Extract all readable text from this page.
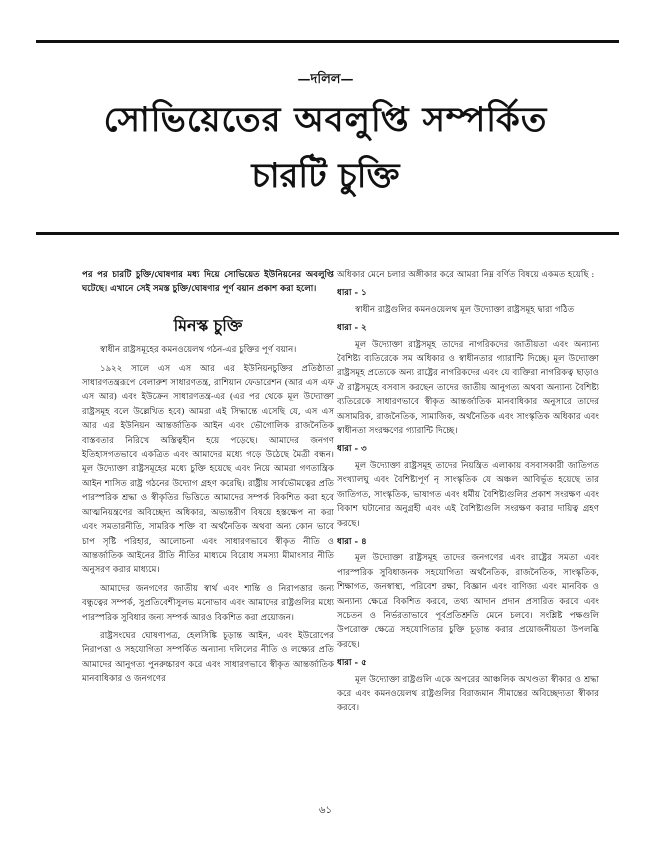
—দলিল—
সোভিয়েতের অবলুপ্তি সম্পর্কিত
চারটি চুক্তি

পর পর চারটি চুক্তি/ঘোষণার মধ্য দিয়ে সোভিয়েত ইউনিয়নের অবলুপ্তি ঘটেছে। এখানে সেই সমস্ত চুক্তি/ঘোষণার পূর্ণ বয়ান প্রকাশ করা হলো।

মিনস্ক চুক্তি

স্বাধীন রাষ্ট্রসমূহের কমনওয়েলথ গঠন-এর চুক্তির পূর্ণ বয়ান।

১৯২২ সালে এস এস আর এর ইউনিয়নচুক্তির প্রতিষ্ঠাতা সাধারণতন্ত্ররূপে বেলারুশ সাধারণতন্ত্র, রাশিয়ান ফেডারেশন (আর এস এফ এস আর) এবং ইউক্রেন সাধারণতন্ত্র-এর (এর পর থেকে মূল উদ্যোক্তা রাষ্ট্রসমূহ বলে উল্লেখিত হবে) আমরা এই সিদ্ধান্তে এসেছি যে, এস এস আর এর ইউনিয়ন আন্তর্জাতিক আইন এবং ভৌগোলিক রাজনৈতিক বাস্তবতার নিরিখে অস্তিত্বহীন হয়ে পড়েছে। আমাদের জনগণ ইতিহাসগতভাবে একত্রিত এবং আমাদের মধ্যে গড়ে উঠেছে মৈত্রী বন্ধন। মূল উদ্যোক্তা রাষ্ট্রসমূহের মধ্যে চুক্তি হয়েছে এবং নিয়ে আমরা গণতান্ত্রিক আইন শাসিত রাষ্ট্র গঠনের উদ্যোগ গ্রহণ করেছি। রাষ্ট্রীয় সার্বভৌমত্বের প্রতি পারস্পরিক শ্রদ্ধা ও স্বীকৃতির ভিত্তিতে আমাদের সম্পর্ক বিকশিত করা হবে আত্মনিয়ন্ত্রণের অবিচ্ছেদ্য অধিকার, অভ্যন্তরীণ বিষয়ে হস্তক্ষেপ না করা এবং সমতারনীতি, সামরিক শক্তি বা অর্থনৈতিক অথবা অন্য কোন ভাবে চাপ সৃষ্টি পরিহার, আলোচনা এবং সাধারণভাবে স্বীকৃত নীতি ও আন্তর্জাতিক আইনের রীতি নীতির মাধ্যমে বিরোধ সমস্যা মীমাংসার নীতি অনুসরণ করার মাধ্যমে।

আমাদের জনগণের জাতীয় স্বার্থ এবং শান্তি ও নিরাপত্তার জন্য বন্ধুত্বের সম্পর্ক, সুপ্রতিবেশীসুলভ মনোভাব এবং আমাদের রাষ্ট্রগুলির মধ্যে পারস্পরিক সুবিধার জন্য সম্পর্ক আরও বিকশিত করা প্রয়োজন।

রাষ্ট্রসংঘের ঘোষণাপত্র, হেলসিঙ্কি চূড়ান্ত আইন, এবং ইউরোপের নিরাপত্তা ও সহযোগিতা সম্পর্কিত অন্যান্য দলিলের নীতি ও লক্ষ্যের প্রতি আমাদের আনুগত্য পুনরুচ্চারণ করে এবং সাধারণভাবে স্বীকৃত আন্তর্জাতিক মানবাধিকার ও জনগণের

অধিকার মেনে চলার অঙ্গীকার করে আমরা নিম্ন বর্ণিত বিষয়ে একমত হয়েছি :

ধারা - ১

স্বাধীন রাষ্ট্রগুলির কমনওয়েলথ মূল উদ্যোক্তা রাষ্ট্রসমূহ দ্বারা গঠিত

ধারা - ২

মূল উদ্যোক্তা রাষ্ট্রসমূহ তাদের নাগরিকদের জাতীয়তা এবং অন্যান্য বৈশিষ্ট্য ব্যতিরেকে সম অধিকার ও স্বাধীনতার গ্যারান্টি দিচ্ছে। মূল উদ্যোক্তা রাষ্ট্রসমূহ প্রত্যেকে অন্য রাষ্ট্রের নাগরিকদের এবং যে ব্যক্তিরা নাগরিকত্ব ছাড়াও ঐ রাষ্ট্রসমূহে বসবাস করছেন তাদের জাতীয় আনুগত্য অথবা অন্যান্য বৈশিষ্ট্য ব্যতিরেকে সাধারণভাবে স্বীকৃত আন্তর্জাতিক মানবাধিকার অনুসারে তাদের অসামরিক, রাজনৈতিক, সামাজিক, অর্থনৈতিক এবং সাংস্কৃতিক অধিকার এবং স্বাধীনতা সংরক্ষণের গ্যারান্টি দিচ্ছে।

ধারা - ৩

মূল উদ্যোক্তা রাষ্ট্রসমূহ তাদের নিয়ন্ত্রিত এলাকায় বসবাসকারী জাতিগত সংখ্যালঘু এবং বৈশিষ্ট্যপূর্ণ নৃ সাংস্কৃতিক যে অঞ্চল আবির্ভূত হয়েছে তার জাতিগত, সাংস্কৃতিক, ভাষাগত এবং ধর্মীয় বৈশিষ্ট্যগুলির প্রকাশ সংরক্ষণ এবং বিকাশ ঘটানোর অনুগ্রহী এবং এই বৈশিষ্ট্যগুলি সংরক্ষণ করার দায়িত্ব গ্রহণ করছে।

ধারা - ৪

মূল উদ্যোক্তা রাষ্ট্রসমূহ তাদের জনগণের এবং রাষ্ট্রের সমতা এবং পারস্পরিক সুবিধাজনক সহযোগিতা অর্থনৈতিক, রাজনৈতিক, সাংস্কৃতিক, শিক্ষাগত, জনস্বাস্থ্য, পরিবেশ রক্ষা, বিজ্ঞান এবং বাণিজ্য এবং মানবিক ও অন্যান্য ক্ষেত্রে বিকশিত করবে, তথ্য আদান প্রদান প্রসারিত করবে এবং সচেতন ও নির্ভরতাভাবে পূর্বপ্রতিশ্রুতি মেনে চলবে। সংশ্লিষ্ট পক্ষগুলি উপরোক্ত ক্ষেত্রে সহযোগিতার চুক্তি চূড়ান্ত করার প্রয়োজনীয়তা উপলব্ধি করছে।

ধারা - ৫

মূল উদ্যোক্তা রাষ্ট্রগুলি একে অপরের আঞ্চলিক অখণ্ডতা স্বীকার ও শ্রদ্ধা করে এবং কমনওয়েলথ রাষ্ট্রগুলির বিরাজমান সীমান্তের অবিচ্ছেদ্যতা স্বীকার করবে।

৬১
